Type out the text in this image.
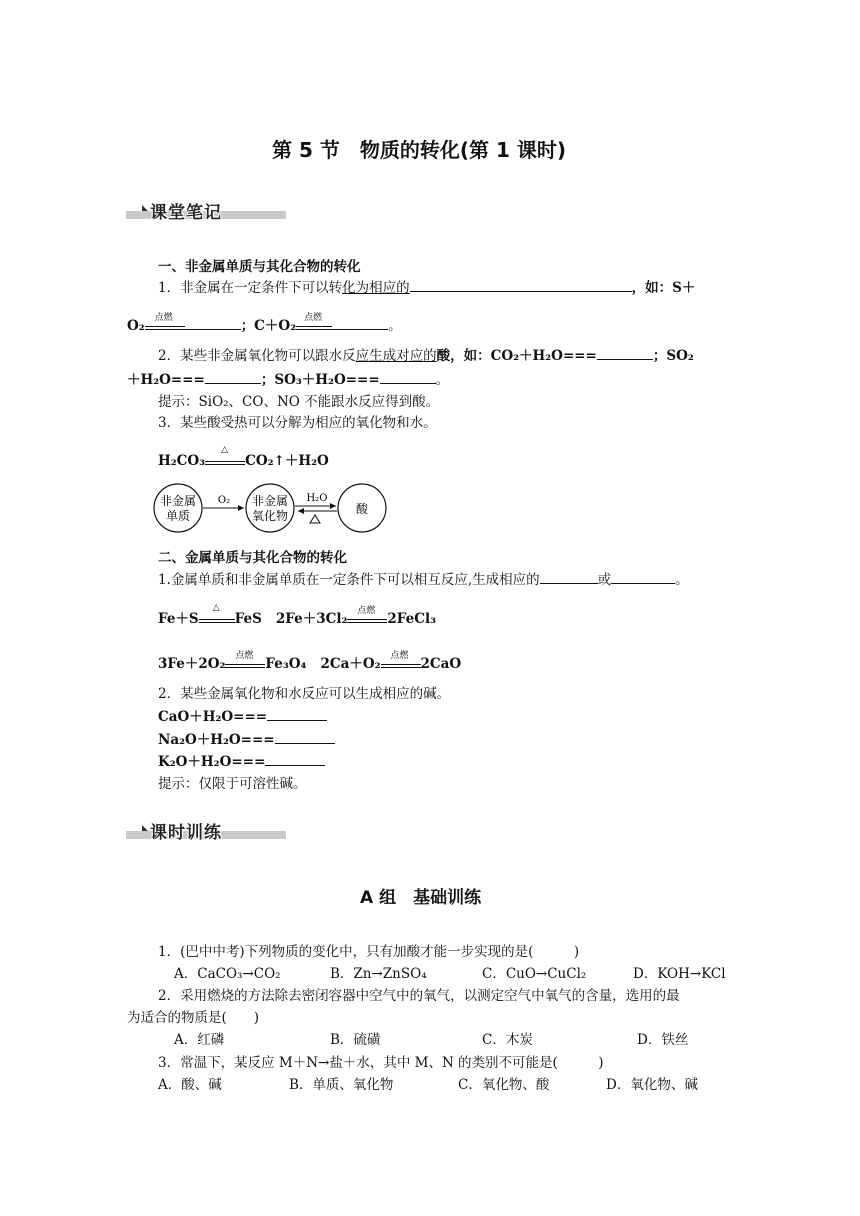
第 5 节　物质的转化(第 1 课时)
课堂笔记
一、非金属单质与其化合物的转化
1．非金属在一定条件下可以转化为相应的	，如：S＋
O₂ 点燃	；C＋O₂ 点燃	。
2．某些非金属氧化物可以跟水反应生成对应的酸，如：CO₂＋H₂O===	；SO₂
＋H₂O===	；SO₃＋H₂O===	。
提示：SiO₂、CO、NO 不能跟水反应得到酸。
3．某些酸受热可以分解为相应的氧化物和水。
H₂CO₃
△
CO₂↑＋H₂O
非金属
单质
非金属
氧化物	酸
O₂	H₂O
二、金属单质与其化合物的转化
1.金属单质和非金属单质在一定条件下可以相互反应,生成相应的	或	。
Fe＋S
△
FeS 2Fe＋3Cl₂ 点燃 2FeCl₃
3Fe＋2O₂ 点燃 Fe₃O₄ 2Ca＋O₂ 点燃 2CaO
2．某些金属氧化物和水反应可以生成相应的碱。
CaO＋H₂O===
Na₂O＋H₂O===
K₂O＋H₂O===
提示：仅限于可溶性碱。
课时训练
A 组　基础训练
1．(巴中中考)下列物质的变化中，只有加酸才能一步实现的是(　　　)
A．CaCO₃→CO₂	B．Zn→ZnSO₄	C．CuO→CuCl₂	D．KOH→KCl
2．采用燃烧的方法除去密闭容器中空气中的氧气，以测定空气中氧气的含量，选用的最
为适合的物质是(　　)
A．红磷	B．硫磺	C．木炭	D．铁丝
3．常温下，某反应 M＋N→盐＋水，其中 M、N 的类别不可能是(　　　)
A．酸、碱	B．单质、氧化物	C．氧化物、酸	D．氧化物、碱
